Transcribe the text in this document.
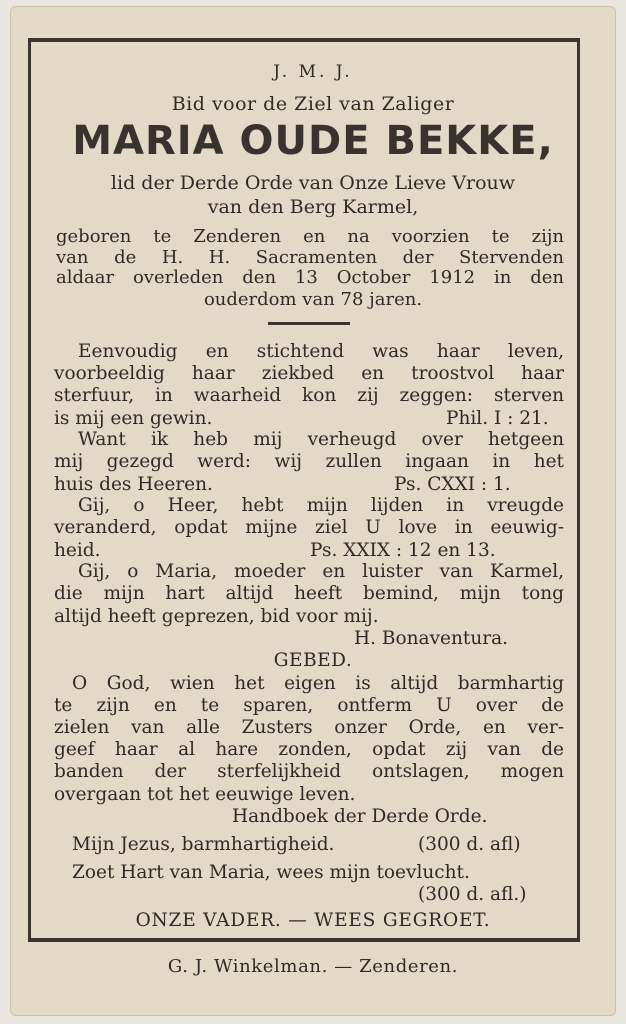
J. M. J.
Bid voor de Ziel van Zaliger
MARIA OUDE BEKKE,
lid der Derde Orde van Onze Lieve Vrouw
van den Berg Karmel,
geboren te Zenderen en na voorzien te zijn
van de H. H. Sacramenten der Stervenden
aldaar overleden den 13 October 1912 in den
ouderdom van 78 jaren.
Eenvoudig en stichtend was haar leven,
voorbeeldig haar ziekbed en troostvol haar
sterfuur, in waarheid kon zij zeggen: sterven
is mij een gewin.	Phil. I : 21.
Want ik heb mij verheugd over hetgeen
mij gezegd werd: wij zullen ingaan in het
huis des Heeren.	Ps. CXXI : 1.
Gij, o Heer, hebt mijn lijden in vreugde
veranderd, opdat mijne ziel U love in eeuwig-
heid.	Ps. XXIX : 12 en 13.
Gij, o Maria, moeder en luister van Karmel,
die mijn hart altijd heeft bemind, mijn tong
altijd heeft geprezen, bid voor mij.
H. Bonaventura.
GEBED.
O God, wien het eigen is altijd barmhartig
te zijn en te sparen, ontferm U over de
zielen van alle Zusters onzer Orde, en ver-
geef haar al hare zonden, opdat zij van de
banden der sterfelijkheid ontslagen, mogen
overgaan tot het eeuwige leven.
Handboek der Derde Orde.
Mijn Jezus, barmhartigheid.	(300 d. afl)
Zoet Hart van Maria, wees mijn toevlucht.
(300 d. afl.)
ONZE VADER. — WEES GEGROET.
G. J. Winkelman. — Zenderen.
